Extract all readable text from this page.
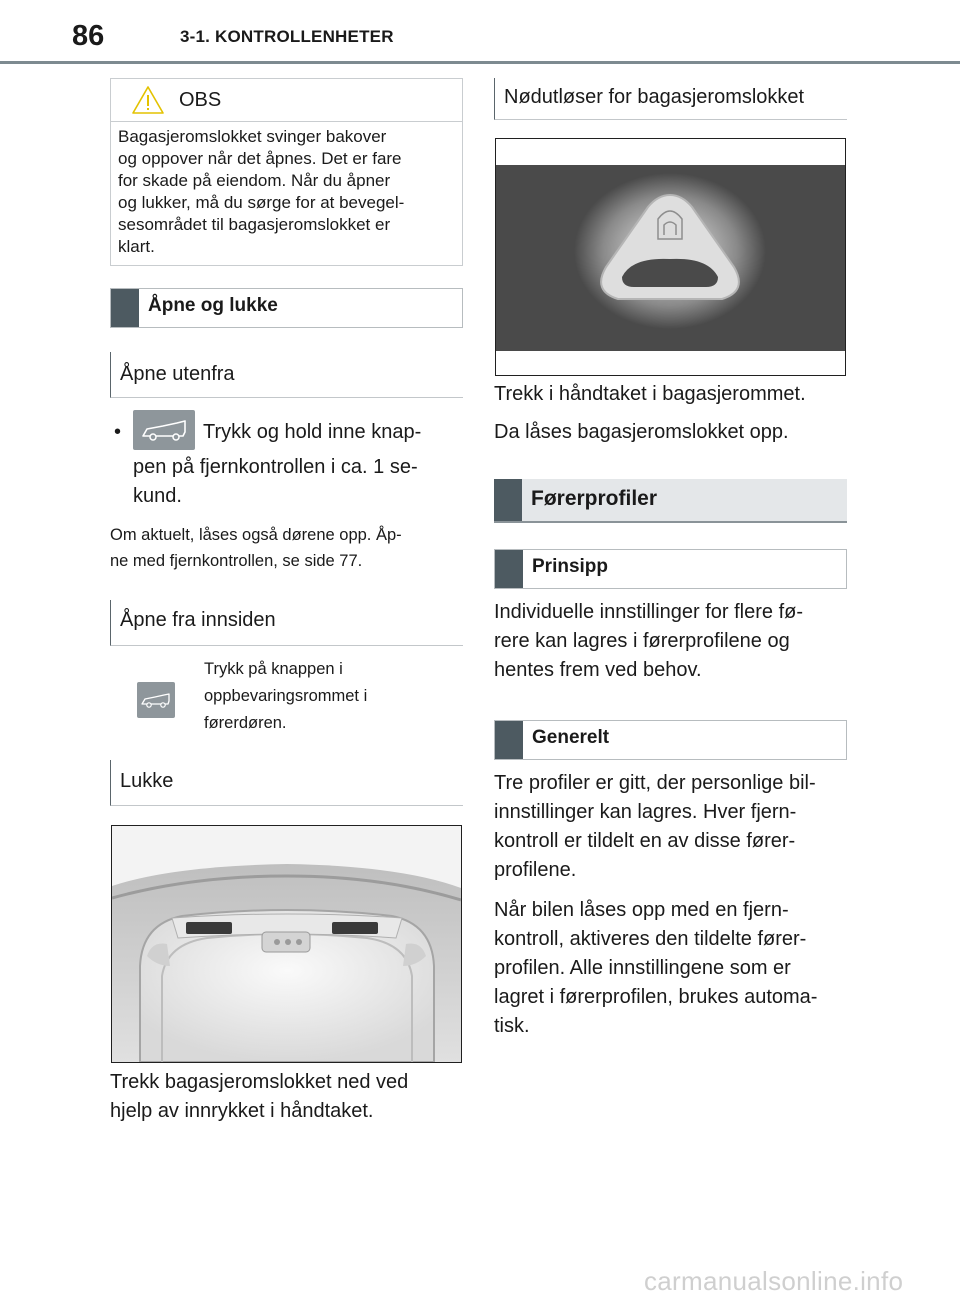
86	3-1. KONTROLLENHETER
OBS
Bagasjeromslokket svinger bakover
og oppover når det åpnes. Det er fare
for skade på eiendom. Når du åpner
og lukker, må du sørge for at bevegel-
sesområdet til bagasjeromslokket er
klart.
Åpne og lukke
Åpne utenfra
•	Trykk og hold inne knap-
pen på fjernkontrollen i ca. 1 se-
kund.
Om aktuelt, låses også dørene opp. Åp-
ne med fjernkontrollen, se side 77.
Åpne fra innsiden
Trykk på knappen i
oppbevaringsrommet i
førerdøren.
Lukke
Trekk bagasjeromslokket ned ved
hjelp av innrykket i håndtaket.
Nødutløser for bagasjeromslokket
Trekk i håndtaket i bagasjerommet.
Da låses bagasjeromslokket opp.
Førerprofiler
Prinsipp
Individuelle innstillinger for flere fø-
rere kan lagres i førerprofilene og
hentes frem ved behov.
Generelt
Tre profiler er gitt, der personlige bil-
innstillinger kan lagres. Hver fjern-
kontroll er tildelt en av disse fører-
profilene.
Når bilen låses opp med en fjern-
kontroll, aktiveres den tildelte fører-
profilen. Alle innstillingene som er
lagret i førerprofilen, brukes automa-
tisk.
carmanualsonline.info
